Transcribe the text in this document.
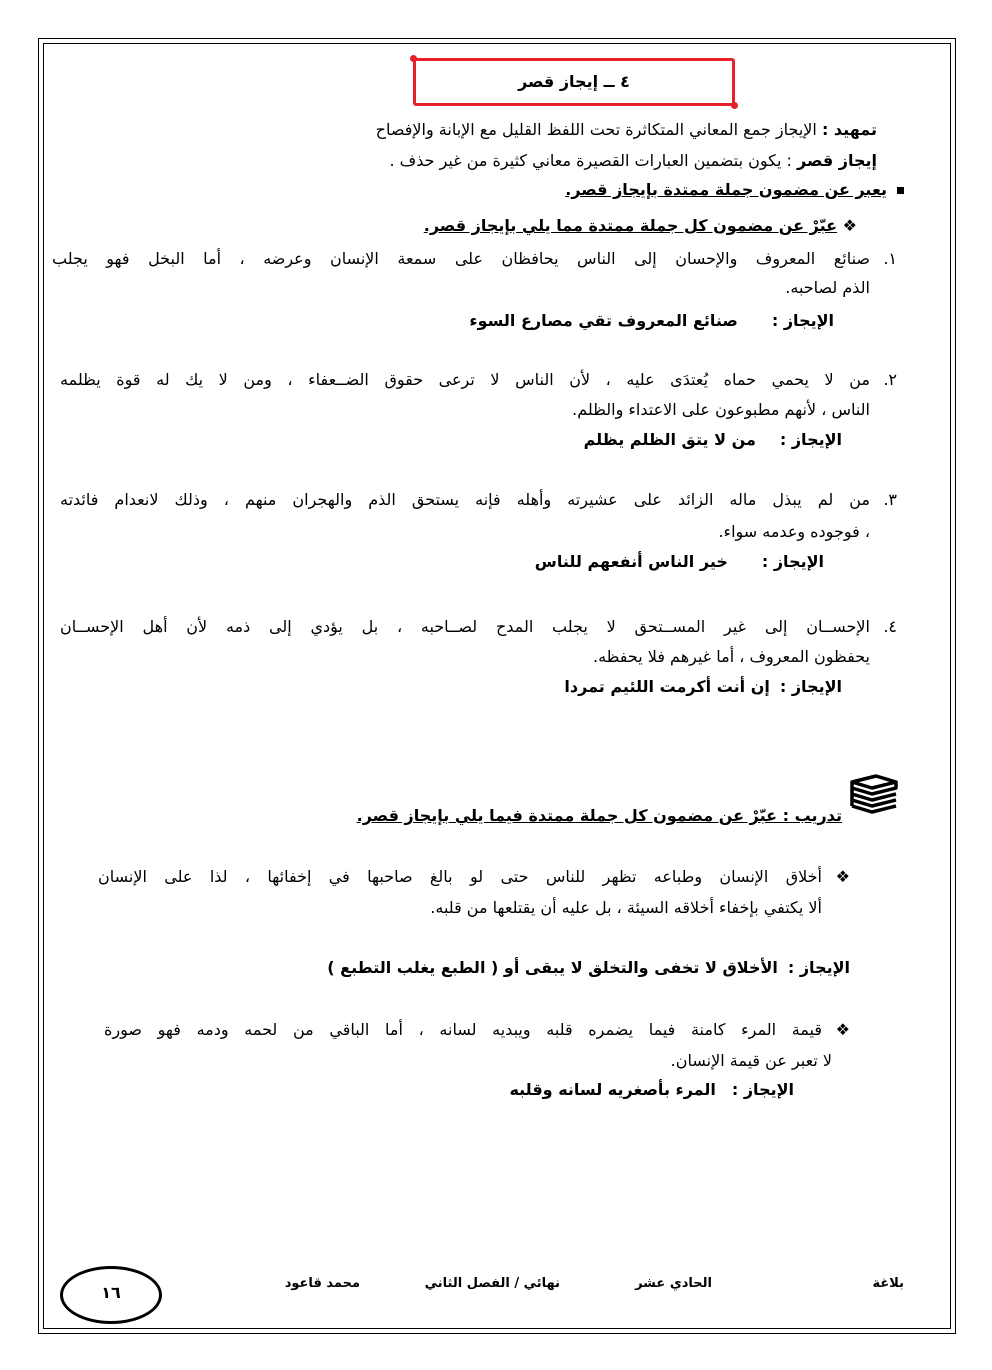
٤ ــ إيجاز قصر
تمهيد : الإيجاز جمع المعاني المتكاثرة تحت اللفظ القليل مع الإبانة والإفصاح
إيجاز قصر : يكون بتضمين العبارات القصيرة معاني كثيرة من غير حذف .
يعبر عن مضمون جملة ممتدة بإيجاز قصر.
❖ عبّرْ عن مضمون كل جملة ممتدة مما يلي بإيجاز قصر.
١.
صنائع المعروف والإحسان إلى الناس يحافظان على سمعة الإنسان وعرضه ، أما البخل فهو يجلب
الذم لصاحبه.
الإيجاز :صنائع المعروف تقي مصارع السوء
٢.
من لا يحمي حماه يُعتدَى عليه ، لأن الناس لا ترعى حقوق الضــعفاء ، ومن لا يك له قوة يظلمه
الناس ، لأنهم مطبوعون على الاعتداء والظلم.
الإيجاز :من لا يتق الظلم يظلم
٣.
من لم يبذل ماله الزائد على عشيرته وأهله فإنه يستحق الذم والهجران منهم ، وذلك لانعدام فائدته
، فوجوده وعدمه سواء.
الإيجاز :خير الناس أنفعهم للناس
٤.
الإحســان إلى غير المســتحق لا يجلب المدح لصــاحبه ، بل يؤدي إلى ذمه لأن أهل الإحســان
يحفظون المعروف ، أما غيرهم فلا يحفظه.
الإيجاز :إن أنت أكرمت اللئيم تمردا
تدريب : عبّرْ عن مضمون كل جملة ممتدة فيما يلي بإيجاز قصر.
❖
أخلاق الإنسان وطباعه تظهر للناس حتى لو بالغ صاحبها في إخفائها ، لذا على الإنسان
ألا يكتفي بإخفاء أخلاقه السيئة ، بل عليه أن يقتلعها من قلبه.
الإيجاز :الأخلاق لا تخفى والتخلق لا يبقى أو ( الطبع يغلب التطبع )
❖
قيمة المرء كامنة فيما يضمره قلبه ويبديه لسانه ، أما الباقي من لحمه ودمه فهو صورة
لا تعبر عن قيمة الإنسان.
الإيجاز :المرء بأصغريه لسانه وقلبه
بلاغة
الحادي عشر
نهائي / الفصل الثاني
محمد قاعود
١٦
